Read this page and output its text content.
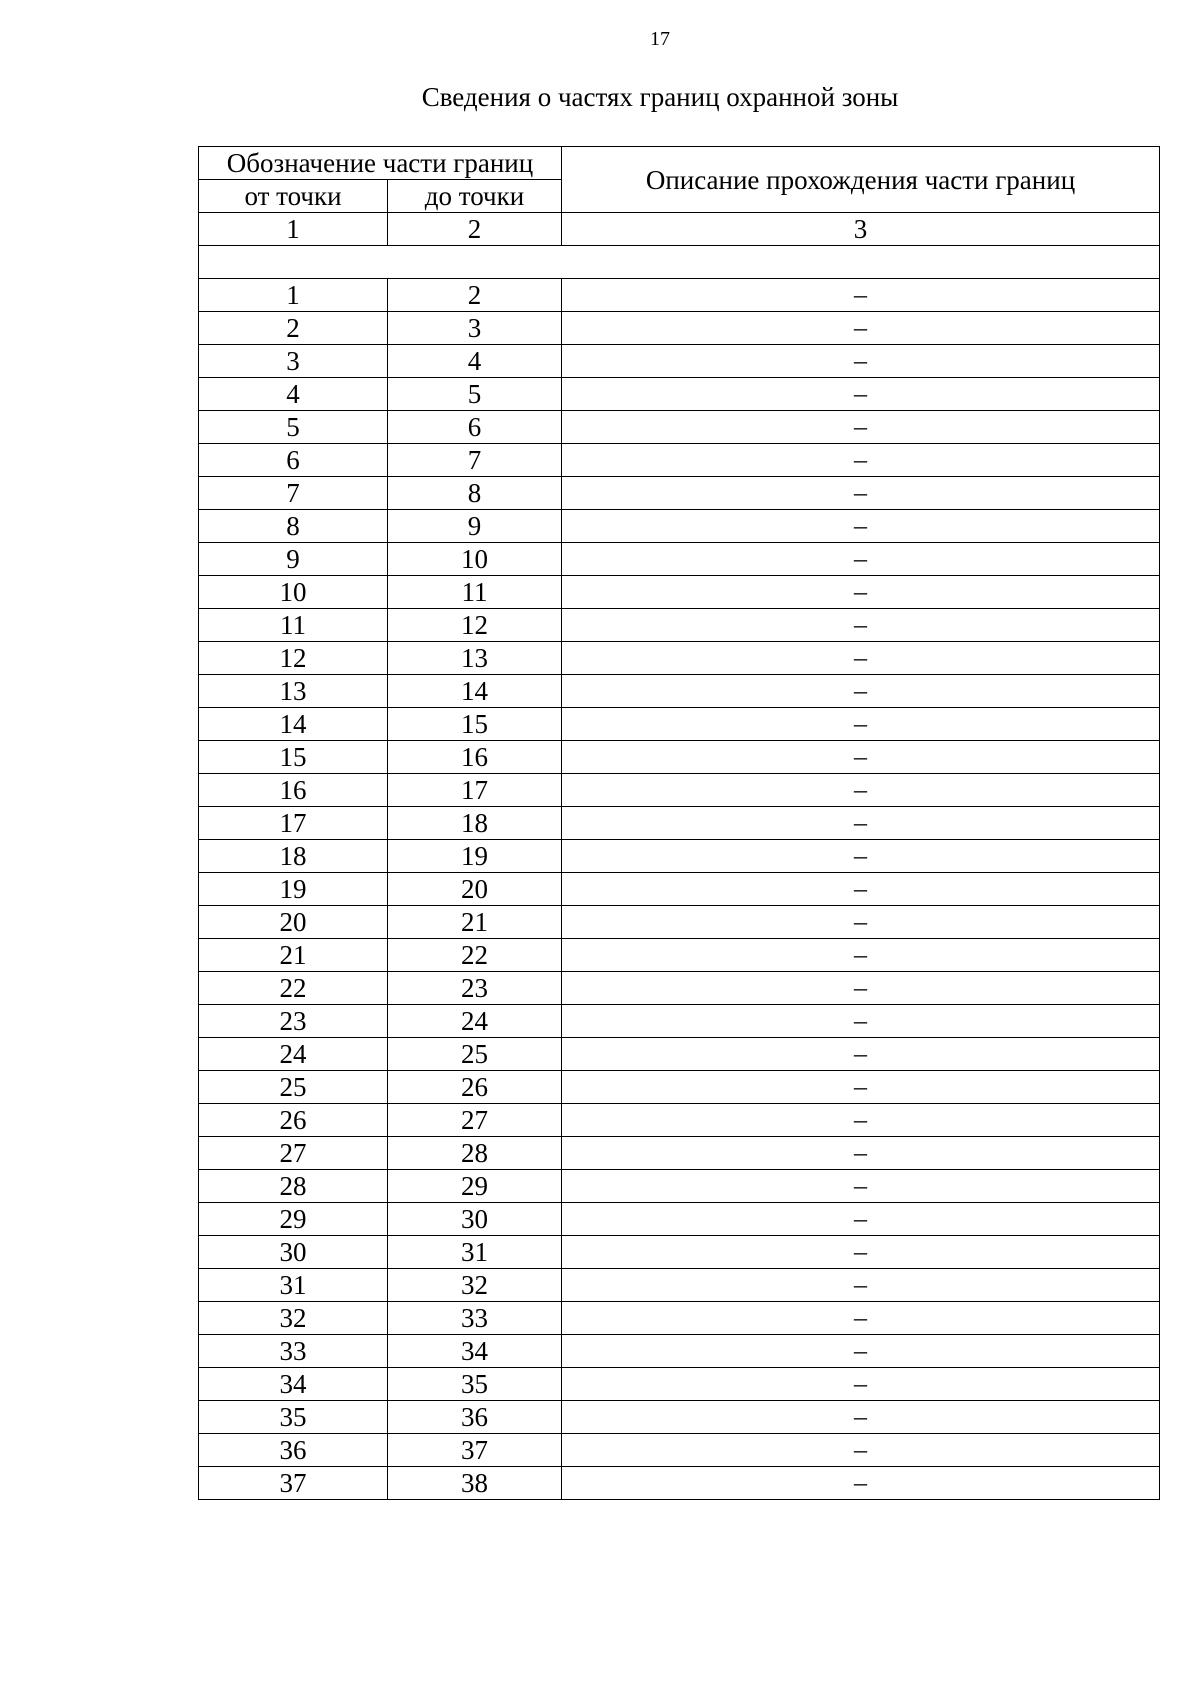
17
Сведения о частях границ охранной зоны
Обозначение части границ		Описание прохождения части границ
от точки	до точки	
1	2	3

1	2	–
2	3	–
3	4	–
4	5	–
5	6	–
6	7	–
7	8	–
8	9	–
9	10	–
10	11	–
11	12	–
12	13	–
13	14	–
14	15	–
15	16	–
16	17	–
17	18	–
18	19	–
19	20	–
20	21	–
21	22	–
22	23	–
23	24	–
24	25	–
25	26	–
26	27	–
27	28	–
28	29	–
29	30	–
30	31	–
31	32	–
32	33	–
33	34	–
34	35	–
35	36	–
36	37	–
37	38	–
